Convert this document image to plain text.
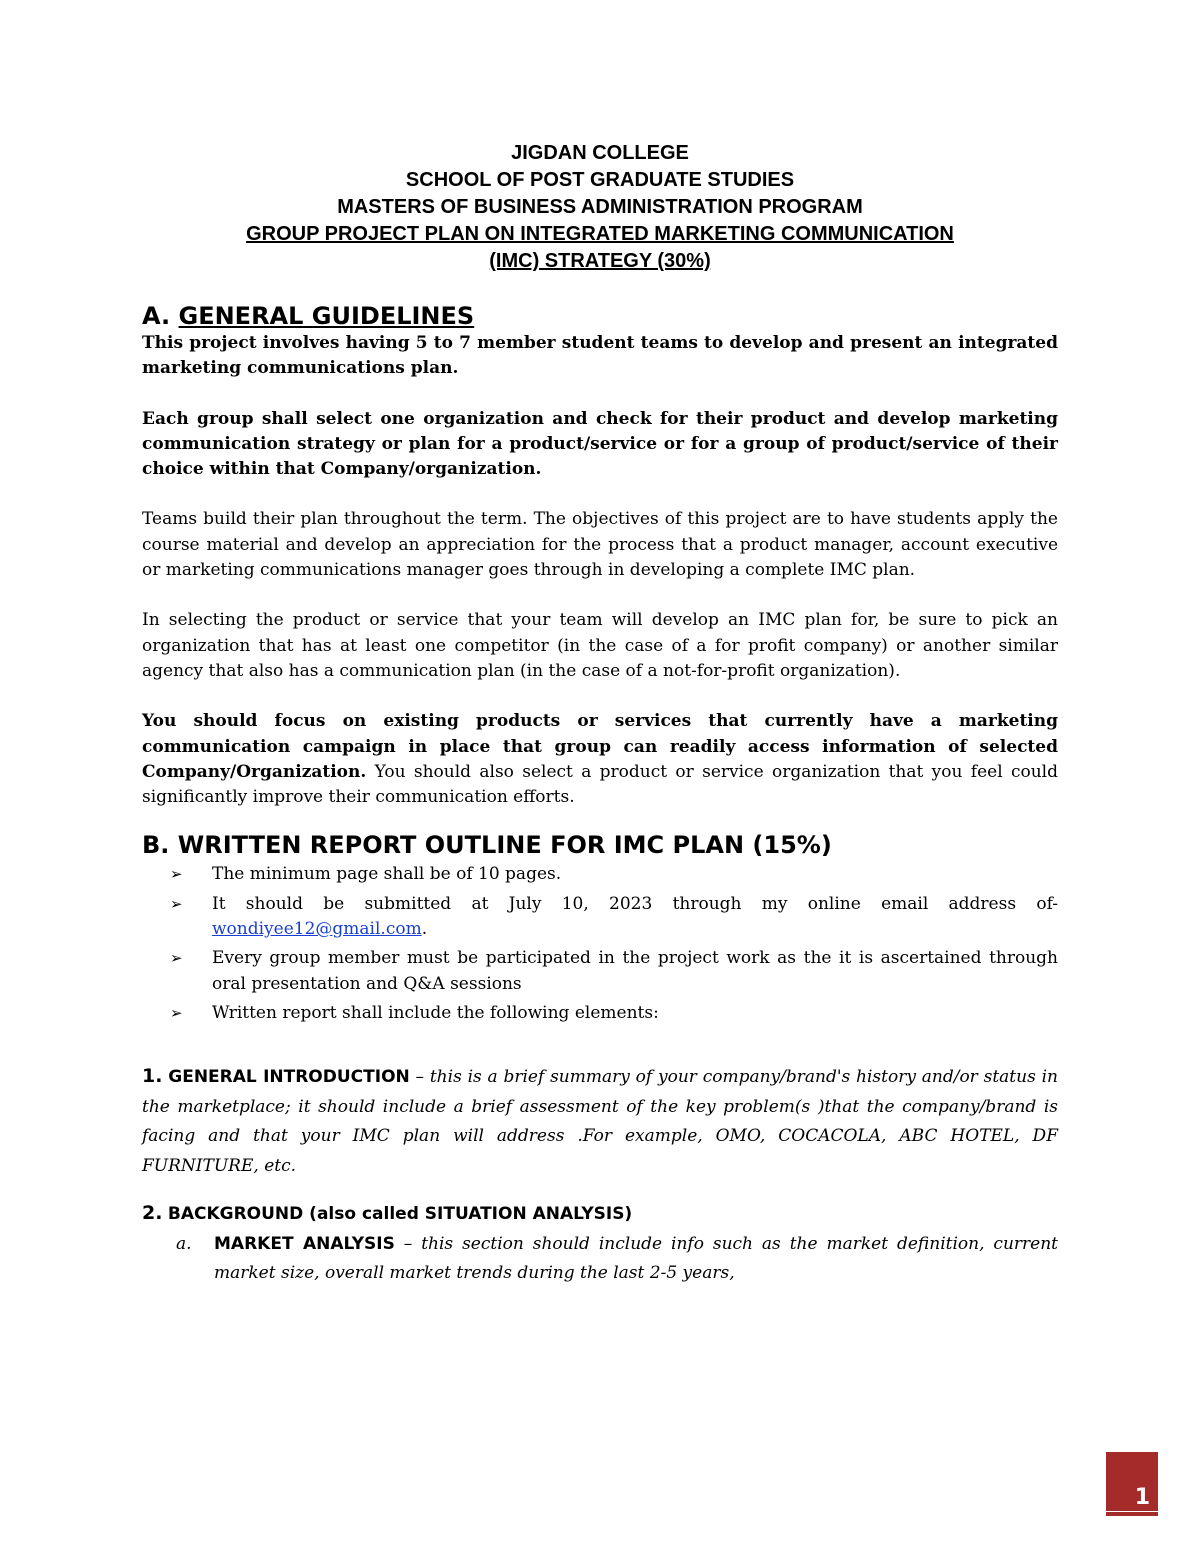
JIGDAN COLLEGE
SCHOOL OF POST GRADUATE STUDIES
MASTERS OF BUSINESS ADMINISTRATION PROGRAM
GROUP PROJECT PLAN ON INTEGRATED MARKETING COMMUNICATION
(IMC) STRATEGY (30%)
A. GENERAL GUIDELINES

This project involves having 5 to 7 member student teams to develop and present an integrated marketing communications plan.

Each group shall select one organization and check for their product and develop marketing communication strategy or plan for a product/service or for a group of product/service of their choice within that Company/organization.

Teams build their plan throughout the term. The objectives of this project are to have students apply the course material and develop an appreciation for the process that a product manager, account executive or marketing communications manager goes through in developing a complete IMC plan.

In selecting the product or service that your team will develop an IMC plan for, be sure to pick an organization that has at least one competitor (in the case of a for profit company) or another similar agency that also has a communication plan (in the case of a not-for-profit organization).

You should focus on existing products or services that currently have a marketing communication campaign in place that group can readily access information of selected Company/Organization. You should also select a product or service organization that you feel could significantly improve their communication efforts.

B. WRITTEN REPORT OUTLINE FOR IMC PLAN (15%)
➢ The minimum page shall be of 10 pages.
➢ It should be submitted at July 10, 2023 through my online email address of- wondiyee12@gmail.com.
➢ Every group member must be participated in the project work as the it is ascertained through oral presentation and Q&A sessions
➢ Written report shall include the following elements:
1. GENERAL INTRODUCTION – this is a brief summary of your company/brand's history and/or status in the marketplace; it should include a brief assessment of the key problem(s )that the company/brand is facing and that your IMC plan will address .For example, OMO, COCACOLA, ABC HOTEL, DF FURNITURE, etc.
2. BACKGROUND (also called SITUATION ANALYSIS)
a. MARKET ANALYSIS – this section should include info such as the market definition, current market size, overall market trends during the last 2-5 years,
1
